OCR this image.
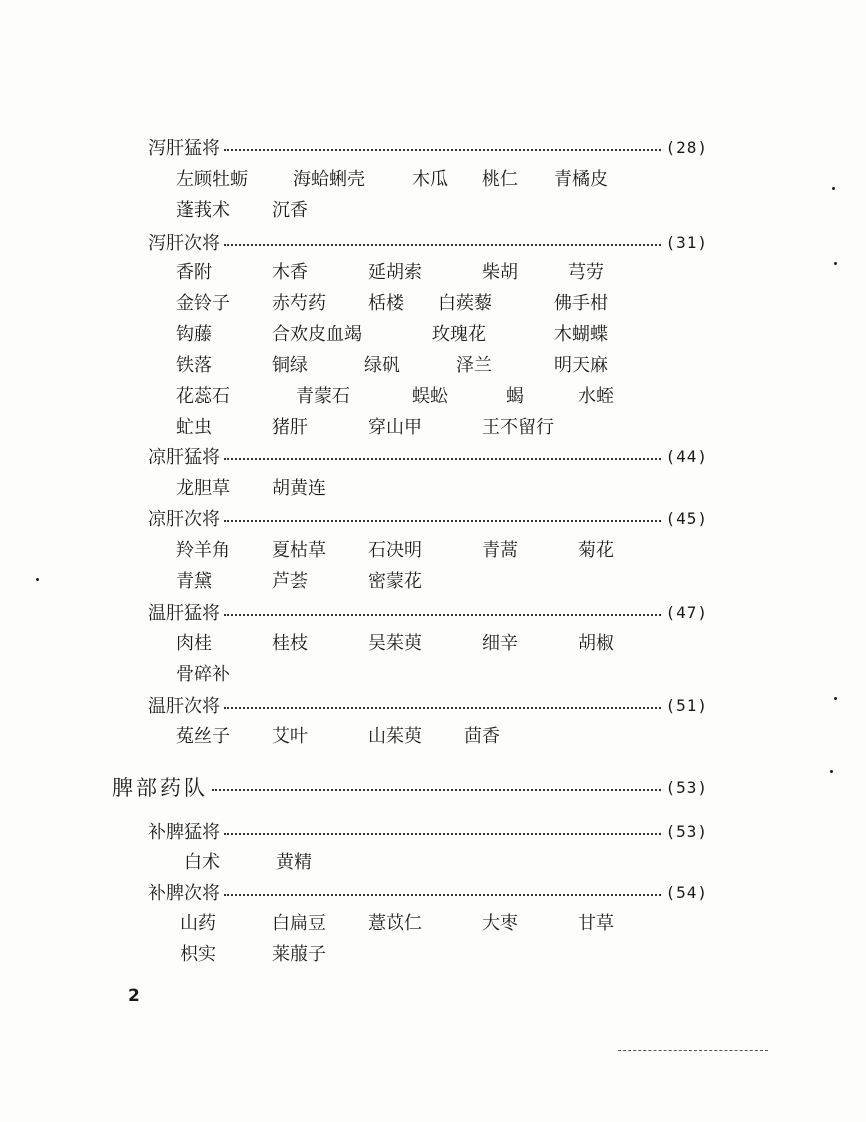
泻肝猛将	(28)
左顾牡蛎	海蛤蜊壳	木瓜 桃仁 青橘皮
蓬莪术 沉香
泻肝次将	(31)
香附	木香	延胡索	柴胡	芎劳
金铃子 赤芍药 栝楼 白蒺藜	佛手柑
钩藤	合欢皮血竭	玫瑰花	木蝴蝶
铁落	铜绿	绿矾	泽兰	明天麻
花蕊石	青蒙石	蜈蚣	蝎	水蛭
虻虫	猪肝	穿山甲	王不留行
凉肝猛将	(44)
龙胆草 胡黄连
凉肝次将	(45)
羚羊角 夏枯草 石决明	青蒿	菊花
青黛	芦荟	密蒙花
温肝猛将	(47)
肉桂	桂枝	吴茱萸	细辛	胡椒
骨碎补
温肝次将	(51)
菟丝子 艾叶	山茱萸 茴香
脾部药队	(53)
补脾猛将	(53)
白术	黄精
补脾次将	(54)
山药	白扁豆 薏苡仁	大枣	甘草
枳实	莱菔子
2
